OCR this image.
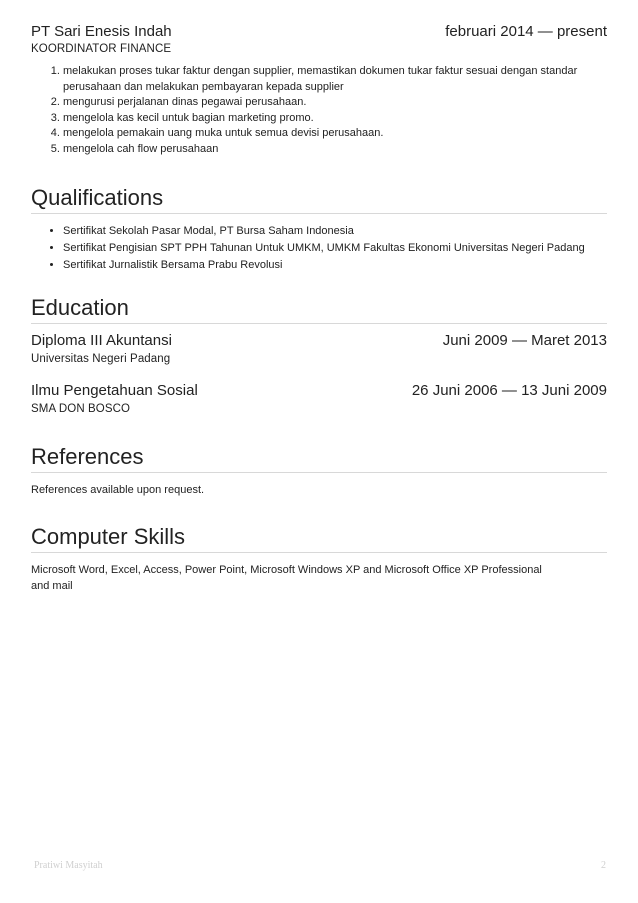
PT Sari Enesis Indah	februari 2014 — present
KOORDINATOR FINANCE
1. melakukan proses tukar faktur dengan supplier, memastikan dokumen tukar faktur sesuai dengan standar perusahaan dan melakukan pembayaran kepada supplier
2. mengurusi perjalanan dinas pegawai perusahaan.
3. mengelola kas kecil untuk bagian marketing promo.
4. mengelola pemakain uang muka untuk semua devisi perusahaan.
5. mengelola cah flow perusahaan
Qualifications
• Sertifikat Sekolah Pasar Modal, PT Bursa Saham Indonesia
• Sertifikat Pengisian SPT PPH Tahunan Untuk UMKM, UMKM Fakultas Ekonomi Universitas Negeri Padang
• Sertifikat Jurnalistik Bersama Prabu Revolusi
Education
Diploma III Akuntansi	Juni 2009 — Maret 2013
Universitas Negeri Padang
Ilmu Pengetahuan Sosial	26 Juni 2006 — 13 Juni 2009
SMA DON BOSCO
References
References available upon request.
Computer Skills
Microsoft Word, Excel, Access, Power Point, Microsoft Windows XP and Microsoft Office XP Professional
and mail
Pratiwi Masyitah	2
